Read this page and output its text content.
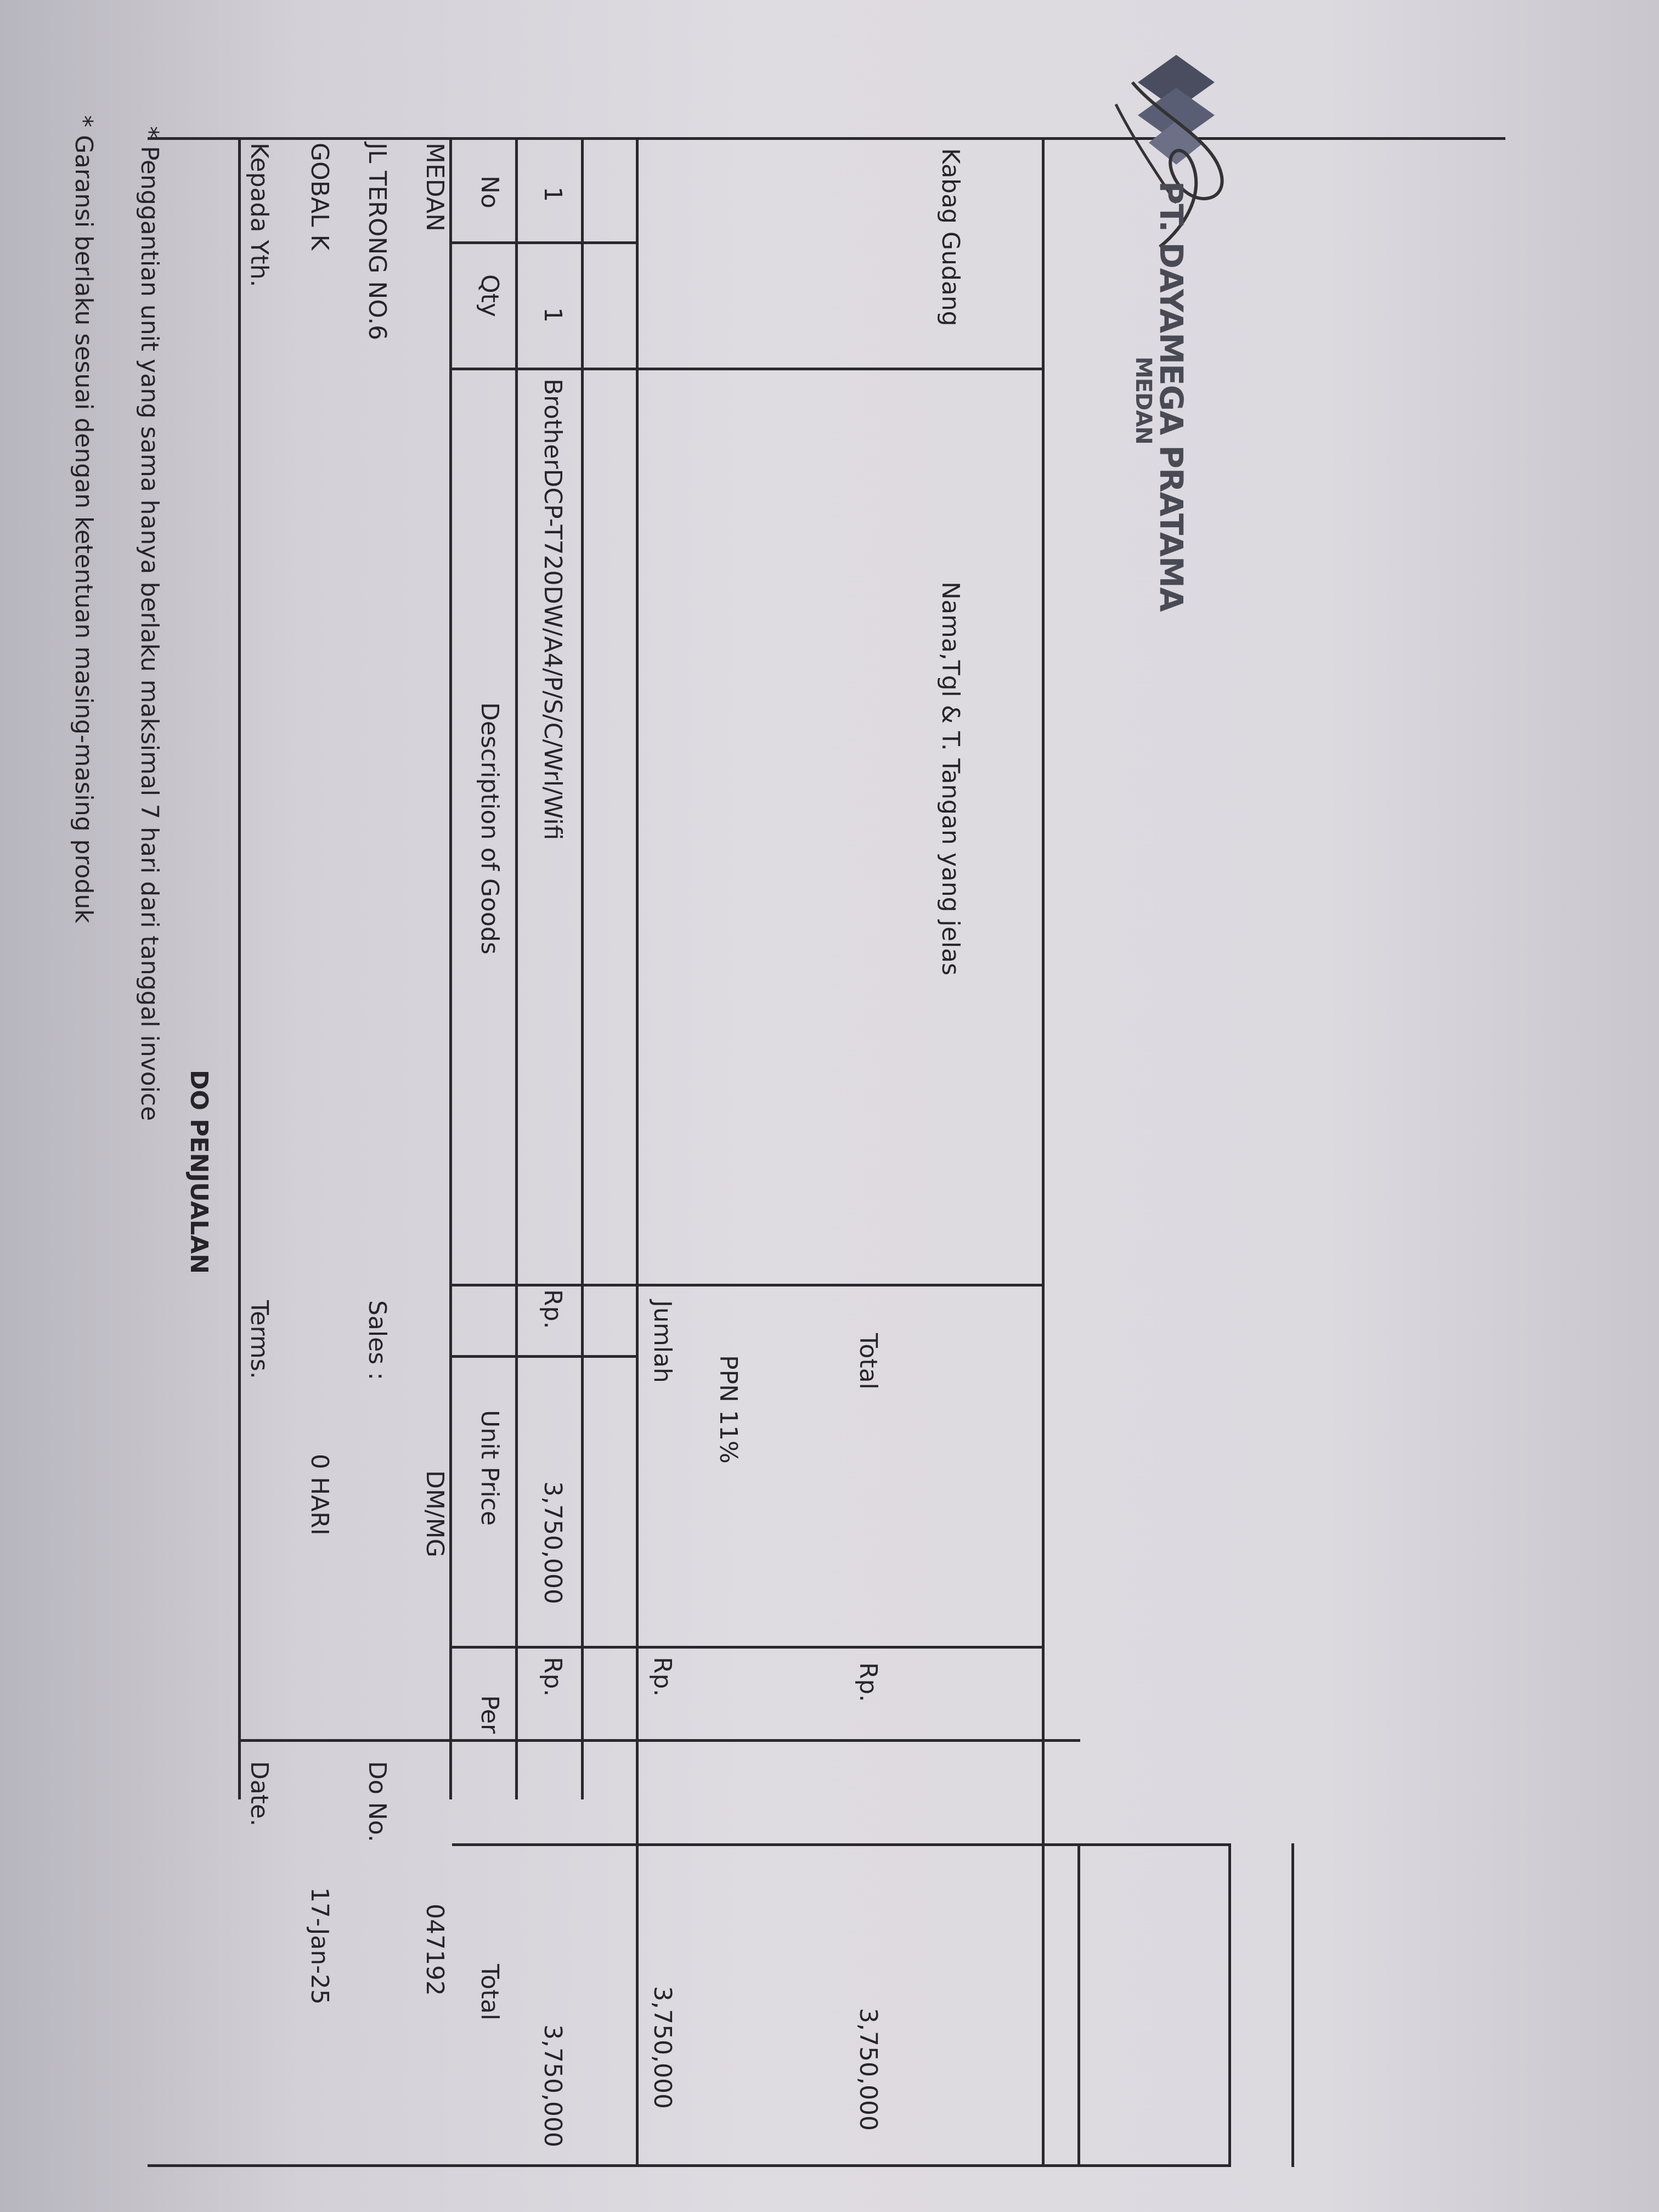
DO PENJUALAN
Kepada Yth. GOBAL K JL TERONG NO.6 MEDAN
Terms.
0 HARI
Sales :
DM/MG
Date.
17-Jan-25
Do No.
047192
No
Qty
Description of Goods
Unit Price
Per
Total
1
1
BrotherDCP-T720DW/A4/P/S/C/Wrl/Wifi
Rp.
3,750,000
Rp.
3,750,000
Jumlah
Rp.
3,750,000
PPN 11%	Total
Rp.
3,750,000
PT. DAYAMEGA PRATAMA
MEDAN
Kabag Gudang
Nama,Tgl & T. Tangan yang jelas
* Penggantian unit yang sama hanya berlaku maksimal 7 hari dari tanggal invoice
* Garansi berlaku sesuai dengan ketentuan masing-masing produk
